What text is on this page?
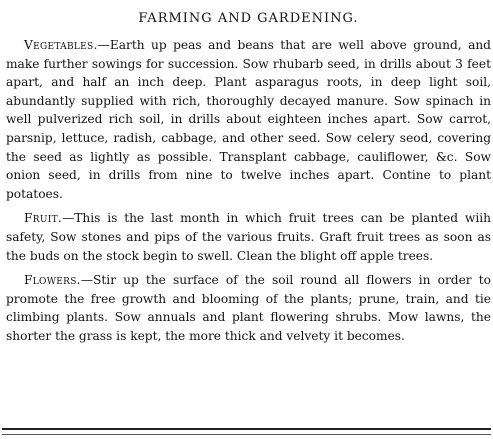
FARMING AND GARDENING.

Vegetables.—Earth up peas and beans that are well above ground, and make further sowings for succession. Sow rhubarb seed, in drills about 3 feet apart, and half an inch deep. Plant asparagus roots, in deep light soil, abundantly supplied with rich, thoroughly decayed manure. Sow spinach in well pulverized rich soil, in drills about eighteen inches apart. Sow carrot, parsnip, lettuce, radish, cabbage, and other seed. Sow celery seod, covering the seed as lightly as possible. Transplant cabbage, cauliflower, &c. Sow onion seed, in drills from nine to twelve inches apart. Contine to plant potatoes.

Fruit.—This is the last month in which fruit trees can be planted wiih safety, Sow stones and pips of the various fruits. Graft fruit trees as soon as the buds on the stock begin to swell. Clean the blight off apple trees.

Flowers.—Stir up the surface of the soil round all flowers in order to promote the free growth and blooming of the plants; prune, train, and tie climbing plants. Sow annuals and plant flowering shrubs. Mow lawns, the shorter the grass is kept, the more thick and velvety it becomes.
